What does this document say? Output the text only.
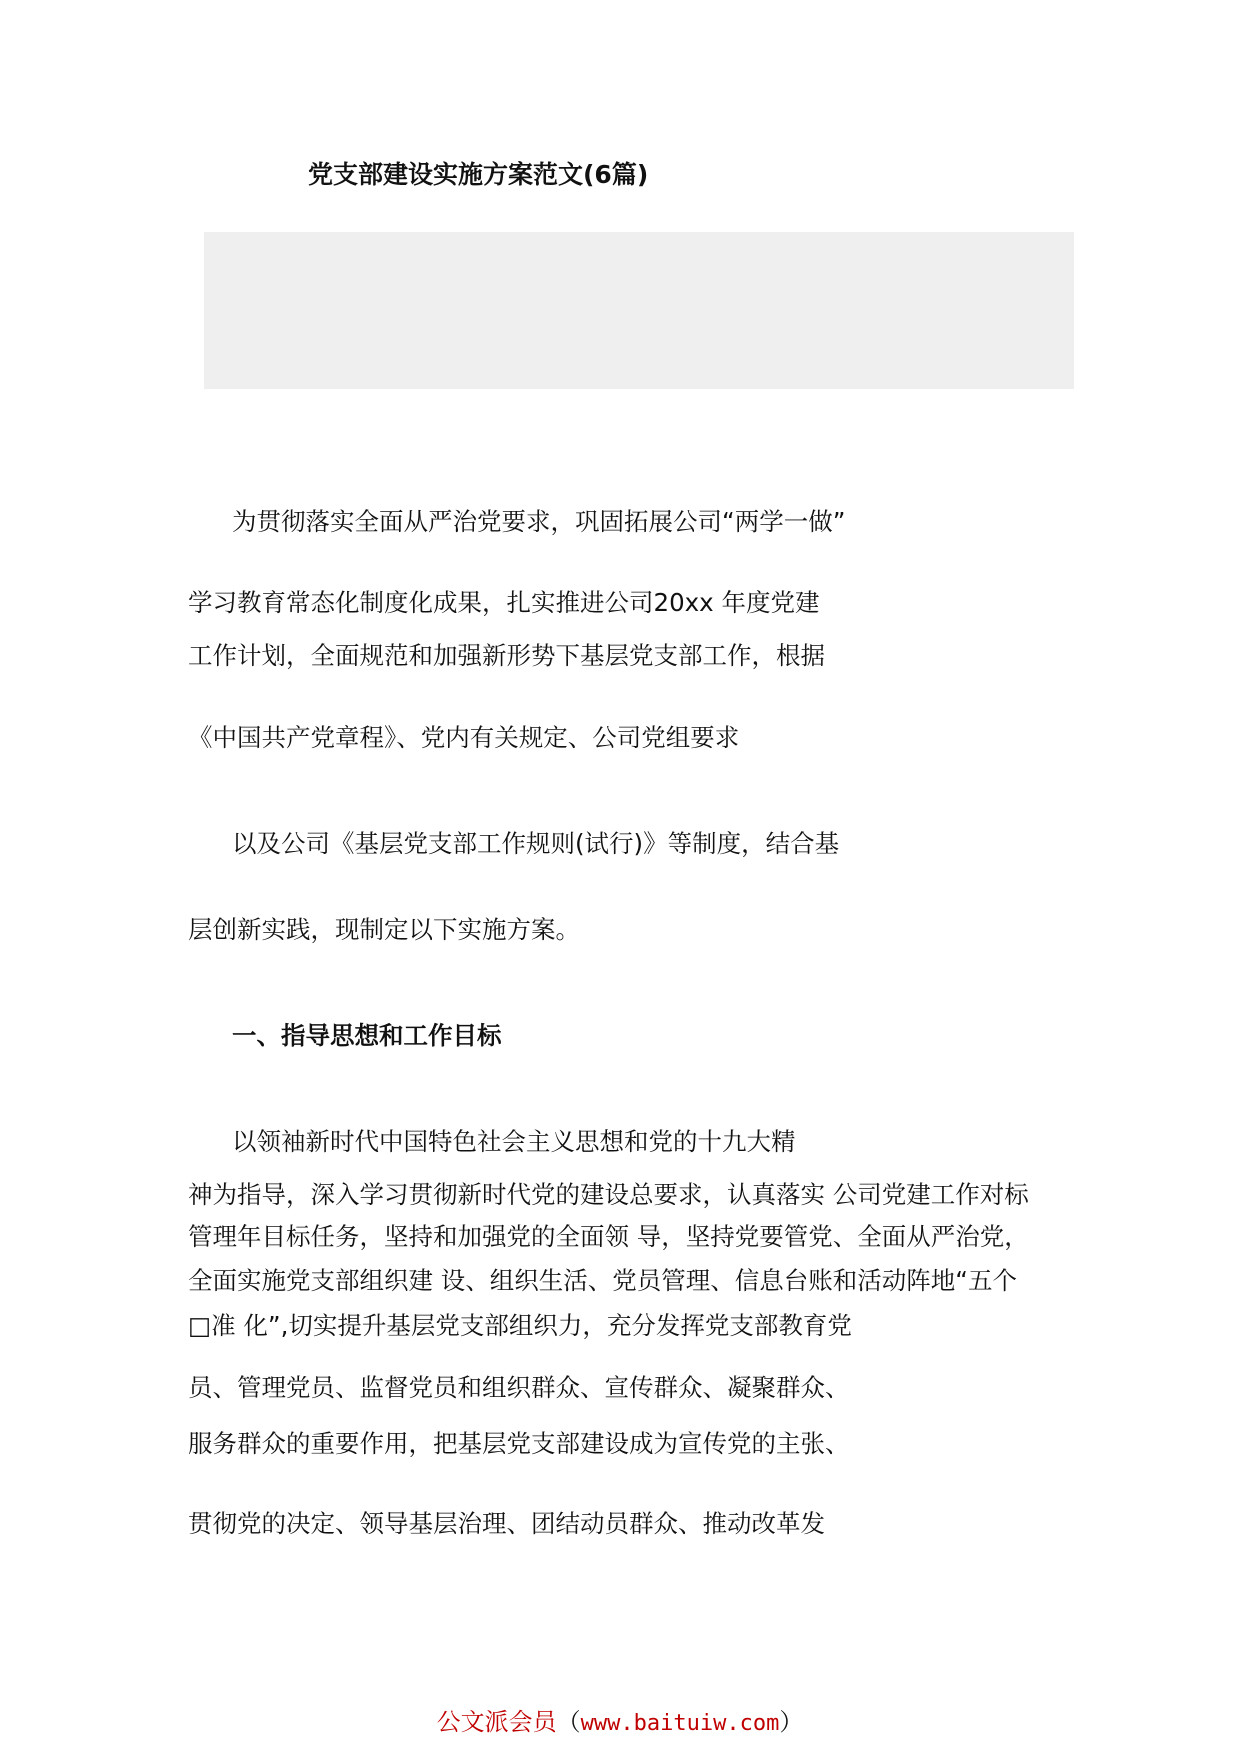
党支部建设实施方案范文(6篇)
为贯彻落实全面从严治党要求，巩固拓展公司“两学一做”
学习教育常态化制度化成果，扎实推进公司20xx 年度党建
工作计划，全面规范和加强新形势下基层党支部工作，根据
《中国共产党章程》、党内有关规定、公司党组要求
以及公司《基层党支部工作规则(试行)》等制度，结合基
层创新实践，现制定以下实施方案。
一、指导思想和工作目标
以领袖新时代中国特色社会主义思想和党的十九大精
神为指导，深入学习贯彻新时代党的建设总要求，认真落实 公司党建工作对标
管理年目标任务，坚持和加强党的全面领 导，坚持党要管党、全面从严治党，
全面实施党支部组织建 设、组织生活、党员管理、信息台账和活动阵地“五个
□准 化”,切实提升基层党支部组织力，充分发挥党支部教育党
员、管理党员、监督党员和组织群众、宣传群众、凝聚群众、
服务群众的重要作用，把基层党支部建设成为宣传党的主张、
贯彻党的决定、领导基层治理、团结动员群众、推动改革发
公文派会员（www.baituiw.com）
